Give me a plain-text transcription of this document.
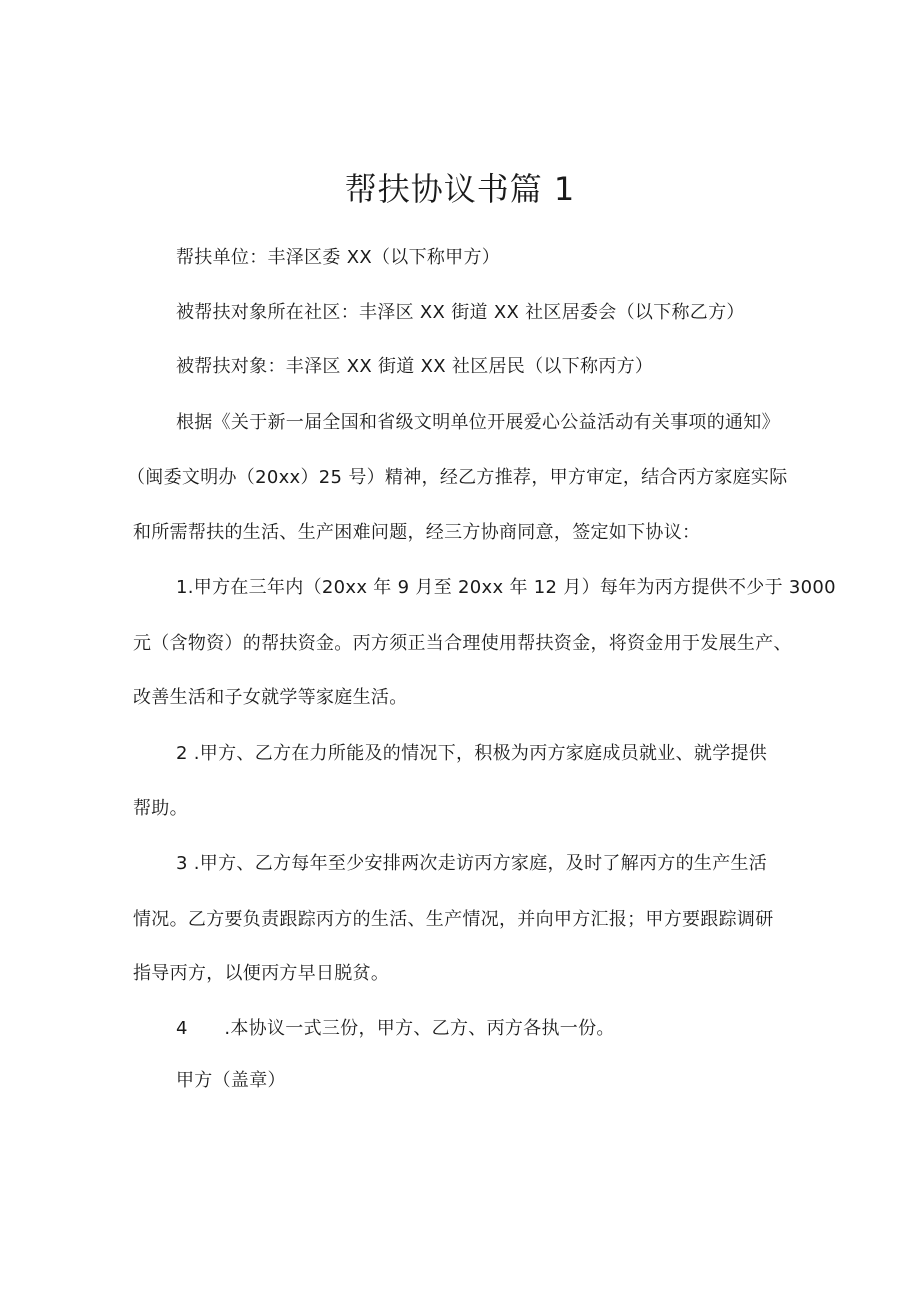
帮扶协议书篇 1

帮扶单位：丰泽区委 XX（以下称甲方）

被帮扶对象所在社区：丰泽区 XX 街道 XX 社区居委会（以下称乙方）

被帮扶对象：丰泽区 XX 街道 XX 社区居民（以下称丙方）

根据《关于新一届全国和省级文明单位开展爱心公益活动有关事项的通知》

（闽委文明办（20xx）25 号）精神，经乙方推荐，甲方审定，结合丙方家庭实际

和所需帮扶的生活、生产困难问题，经三方协商同意，签定如下协议：

1.甲方在三年内（20xx 年 9 月至 20xx 年 12 月）每年为丙方提供不少于 3000

元（含物资）的帮扶资金。丙方须正当合理使用帮扶资金，将资金用于发展生产、

改善生活和子女就学等家庭生活。

2 .甲方、乙方在力所能及的情况下，积极为丙方家庭成员就业、就学提供

帮助。

3 .甲方、乙方每年至少安排两次走访丙方家庭，及时了解丙方的生产生活

情况。乙方要负责跟踪丙方的生活、生产情况，并向甲方汇报；甲方要跟踪调研

指导丙方，以便丙方早日脱贫。

4　　.本协议一式三份，甲方、乙方、丙方各执一份。

甲方（盖章）
